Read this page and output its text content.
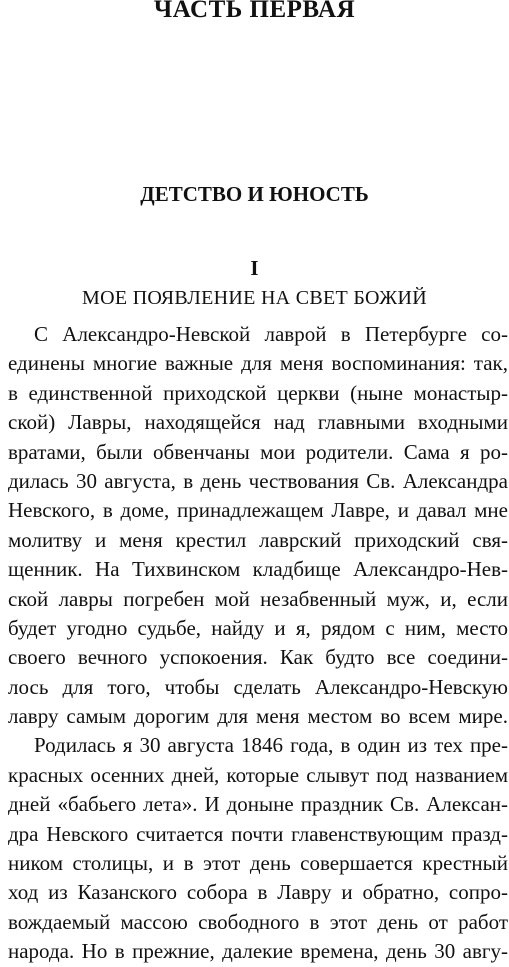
ЧАСТЬ ПЕРВАЯ
ДЕТСТВО И ЮНОСТЬ
I
МОЕ ПОЯВЛЕНИЕ НА СВЕТ БОЖИЙ
С Александро-Невской лаврой в Петербурге со-
единены многие важные для меня воспоминания: так,
в единственной приходской церкви (ныне монастыр-
ской) Лавры, находящейся над главными входными
вратами, были обвенчаны мои родители. Сама я ро-
дилась 30 августа, в день чествования Св. Александра
Невского, в доме, принадлежащем Лавре, и давал мне
молитву и меня крестил лаврский приходский свя-
щенник. На Тихвинском кладбище Александро-Нев-
ской лавры погребен мой незабвенный муж, и, если
будет угодно судьбе, найду и я, рядом с ним, место
своего вечного успокоения. Как будто все соедини-
лось для того, чтобы сделать Александро-Невскую
лавру самым дорогим для меня местом во всем мире.
Родилась я 30 августа 1846 года, в один из тех пре-
красных осенних дней, которые слывут под названием
дней «бабьего лета». И доныне праздник Св. Алексан-
дра Невского считается почти главенствующим празд-
ником столицы, и в этот день совершается крестный
ход из Казанского собора в Лавру и обратно, сопро-
вождаемый массою свободного в этот день от работ
народа. Но в прежние, далекие времена, день 30 авгу-
